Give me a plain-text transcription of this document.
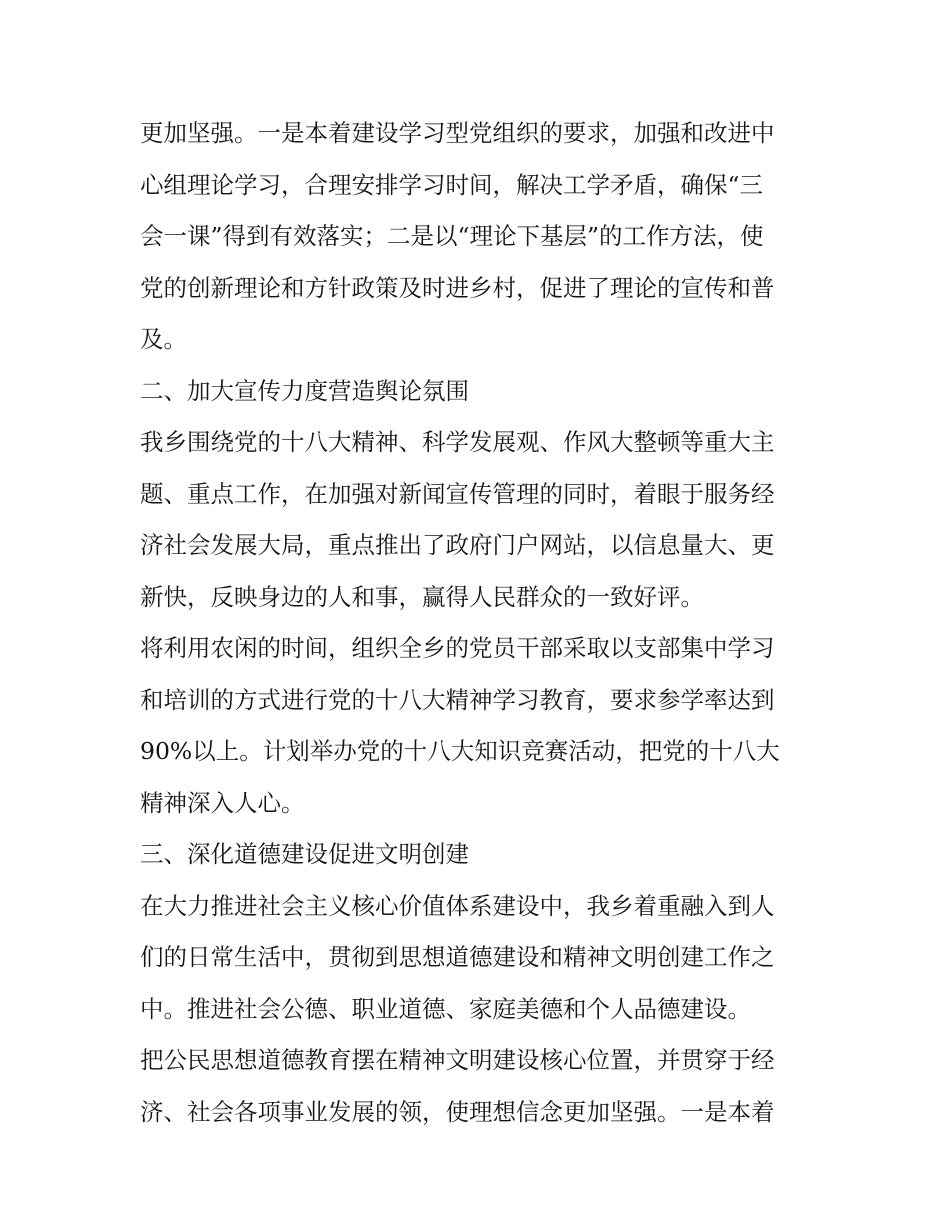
更加坚强。一是本着建设学习型党组织的要求，加强和改进中
心组理论学习，合理安排学习时间，解决工学矛盾，确保“三
会一课”得到有效落实；二是以“理论下基层”的工作方法，使
党的创新理论和方针政策及时进乡村，促进了理论的宣传和普
及。
二、加大宣传力度营造舆论氛围
我乡围绕党的十八大精神、科学发展观、作风大整顿等重大主
题、重点工作，在加强对新闻宣传管理的同时，着眼于服务经
济社会发展大局，重点推出了政府门户网站，以信息量大、更
新快，反映身边的人和事，赢得人民群众的一致好评。
将利用农闲的时间，组织全乡的党员干部采取以支部集中学习
和培训的方式进行党的十八大精神学习教育，要求参学率达到
90%以上。计划举办党的十八大知识竞赛活动，把党的十八大
精神深入人心。
三、深化道德建设促进文明创建
在大力推进社会主义核心价值体系建设中，我乡着重融入到人
们的日常生活中，贯彻到思想道德建设和精神文明创建工作之
中。推进社会公德、职业道德、家庭美德和个人品德建设。
把公民思想道德教育摆在精神文明建设核心位置，并贯穿于经
济、社会各项事业发展的领，使理想信念更加坚强。一是本着
